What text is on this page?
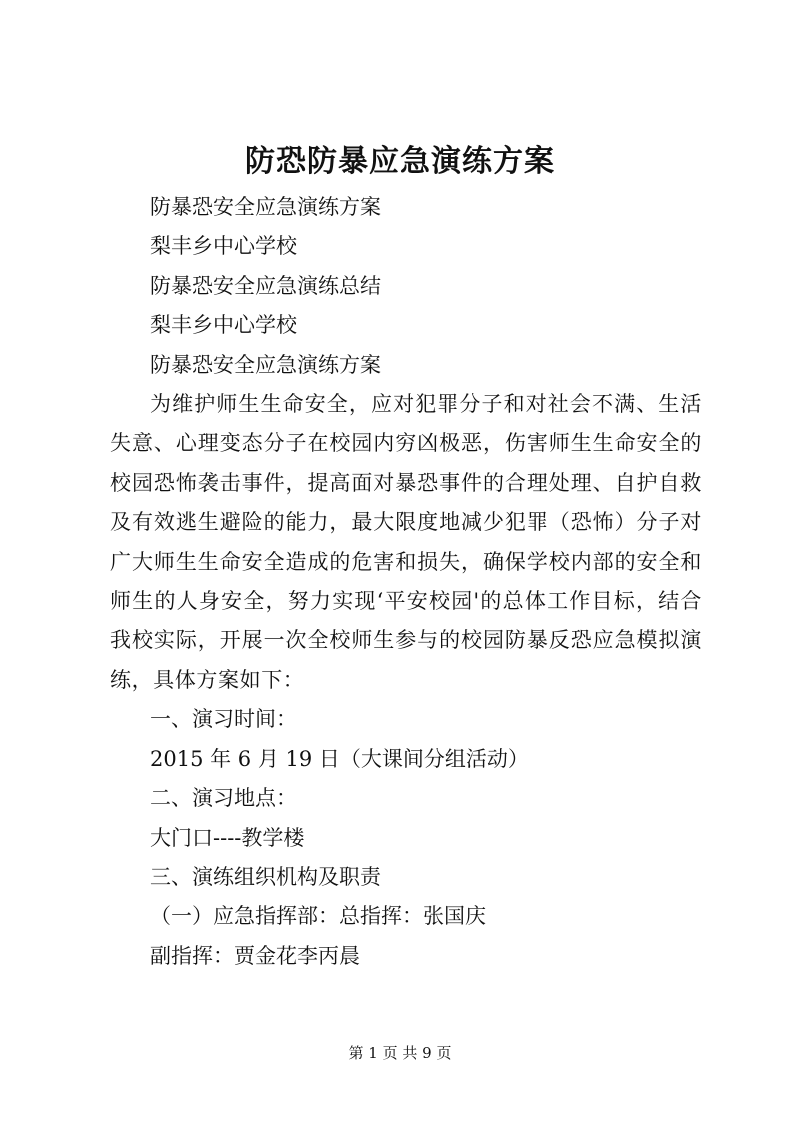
防恐防暴应急演练方案
防暴恐安全应急演练方案
梨丰乡中心学校
防暴恐安全应急演练总结
梨丰乡中心学校
防暴恐安全应急演练方案
为维护师生生命安全，应对犯罪分子和对社会不满、生活失意、心理变态分子在校园内穷凶极恶，伤害师生生命安全的校园恐怖袭击事件，提高面对暴恐事件的合理处理、自护自救及有效逃生避险的能力，最大限度地减少犯罪（恐怖）分子对广大师生生命安全造成的危害和损失，确保学校内部的安全和师生的人身安全，努力实现‘平安校园'的总体工作目标，结合我校实际，开展一次全校师生参与的校园防暴反恐应急模拟演练，具体方案如下：
一、演习时间：
2015 年 6 月 19 日（大课间分组活动）
二、演习地点：
大门口----教学楼
三、演练组织机构及职责
（一）应急指挥部：总指挥：张国庆
副指挥：贾金花李丙晨
第 1 页 共 9 页
